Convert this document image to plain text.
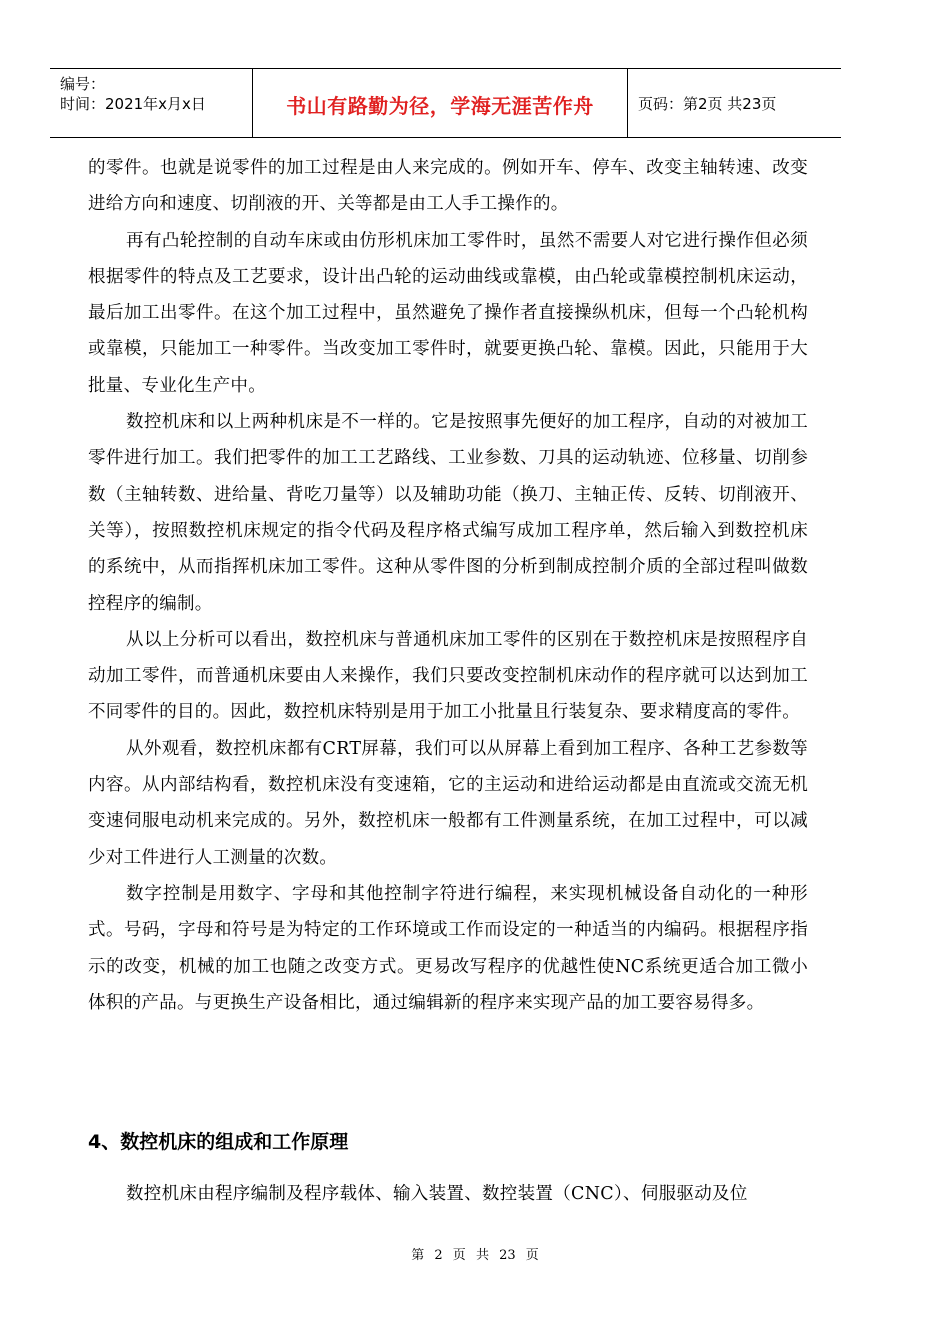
编号：
时间：2021年x月x日	书山有路勤为径，学海无涯苦作舟	页码：第2页 共23页

的零件。也就是说零件的加工过程是由人来完成的。例如开车、停车、改变主轴转速、改变进给方向和速度、切削液的开、关等都是由工人手工操作的。

再有凸轮控制的自动车床或由仿形机床加工零件时，虽然不需要人对它进行操作但必须根据零件的特点及工艺要求，设计出凸轮的运动曲线或靠模，由凸轮或靠模控制机床运动，最后加工出零件。在这个加工过程中，虽然避免了操作者直接操纵机床，但每一个凸轮机构或靠模，只能加工一种零件。当改变加工零件时，就要更换凸轮、靠模。因此，只能用于大批量、专业化生产中。

数控机床和以上两种机床是不一样的。它是按照事先便好的加工程序，自动的对被加工零件进行加工。我们把零件的加工工艺路线、工业参数、刀具的运动轨迹、位移量、切削参数（主轴转数、进给量、背吃刀量等）以及辅助功能（换刀、主轴正传、反转、切削液开、关等），按照数控机床规定的指令代码及程序格式编写成加工程序单，然后输入到数控机床的系统中，从而指挥机床加工零件。这种从零件图的分析到制成控制介质的全部过程叫做数控程序的编制。

从以上分析可以看出，数控机床与普通机床加工零件的区别在于数控机床是按照程序自动加工零件，而普通机床要由人来操作，我们只要改变控制机床动作的程序就可以达到加工不同零件的目的。因此，数控机床特别是用于加工小批量且行装复杂、要求精度高的零件。

从外观看，数控机床都有CRT屏幕，我们可以从屏幕上看到加工程序、各种工艺参数等内容。从内部结构看，数控机床没有变速箱，它的主运动和进给运动都是由直流或交流无机变速伺服电动机来完成的。另外，数控机床一般都有工件测量系统，在加工过程中，可以减少对工件进行人工测量的次数。

数字控制是用数字、字母和其他控制字符进行编程，来实现机械设备自动化的一种形式。号码，字母和符号是为特定的工作环境或工作而设定的一种适当的内编码。根据程序指示的改变，机械的加工也随之改变方式。更易改写程序的优越性使NC系统更适合加工微小体积的产品。与更换生产设备相比，通过编辑新的程序来实现产品的加工要容易得多。

4、数控机床的组成和工作原理

数控机床由程序编制及程序载体、输入装置、数控装置（CNC）、伺服驱动及位

第 2 页 共 23 页
